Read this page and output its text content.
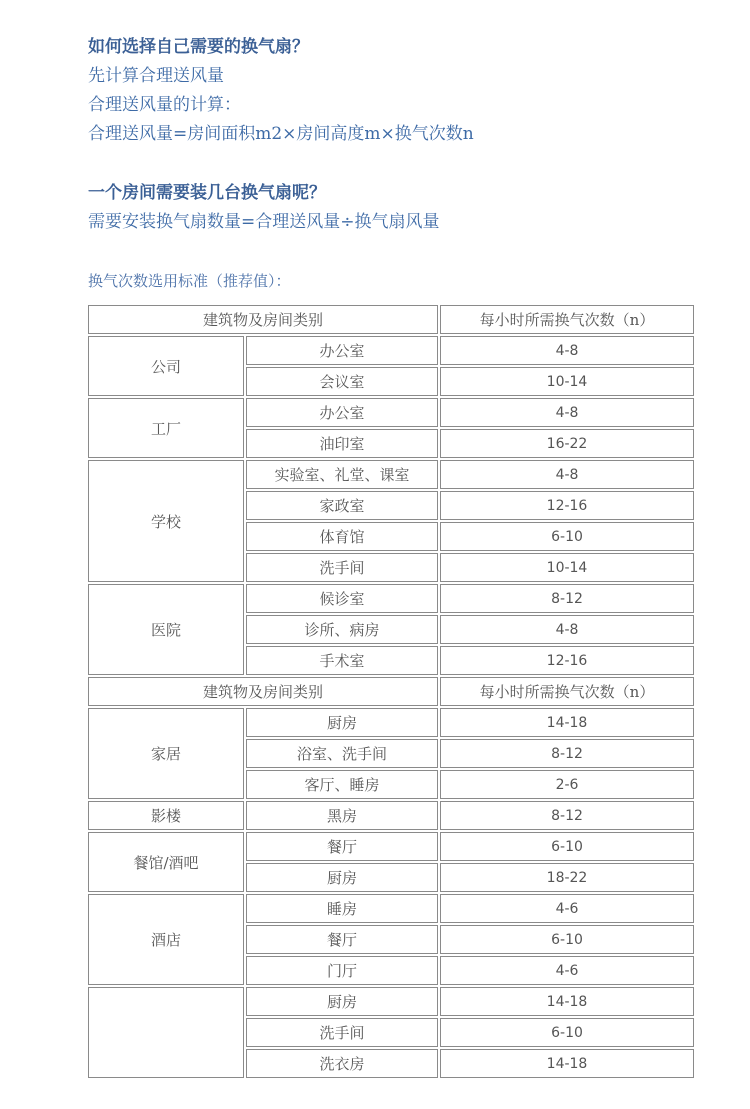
如何选择自己需要的换气扇？
先计算合理送风量
合理送风量的计算：
合理送风量=房间面积m2×房间高度m×换气次数n
一个房间需要装几台换气扇呢？
需要安装换气扇数量=合理送风量÷换气扇风量
换气次数选用标准（推荐值）：
建筑物及房间类别		每小时所需换气次数（n）
公司	办公室	4-8
	会议室	10-14
工厂	办公室	4-8
	油印室	16-22
学校	实验室、礼堂、课室	4-8
	家政室	12-16
	体育馆	6-10
	洗手间	10-14
医院	候诊室	8-12
	诊所、病房	4-8
	手术室	12-16
建筑物及房间类别		每小时所需换气次数（n）
家居	厨房	14-18
	浴室、洗手间	8-12
	客厅、睡房	2-6
影楼	黑房	8-12
餐馆/酒吧	餐厅	6-10
	厨房	18-22
酒店	睡房	4-6
	餐厅	6-10
	门厅	4-6
	厨房	14-18
	洗手间	6-10
	洗衣房	14-18
